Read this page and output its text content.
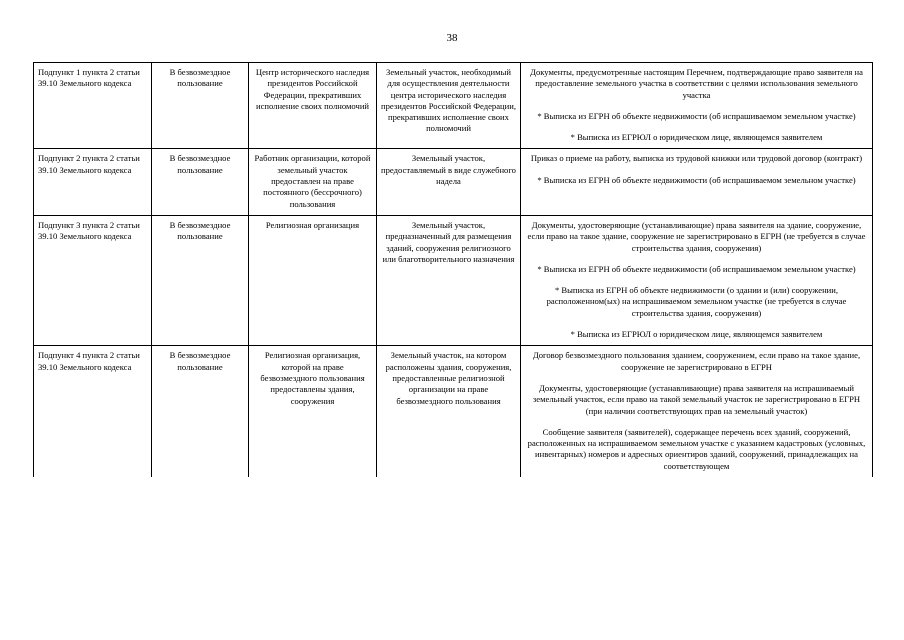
38
Подпункт 1 пункта 2 статьи 39.10 Земельного кодекса	В безвозмездное пользование	Центр исторического наследия президентов Российской Федерации, прекративших исполнение своих полномочий	Земельный участок, необходимый для осуществления деятельности центра исторического наследия президентов Российской Федерации, прекративших исполнение своих полномочий	Документы, предусмотренные настоящим Перечнем, подтверждающие право заявителя на предоставление земельного участка в соответствии с целями использования земельного участка
* Выписка из ЕГРН об объекте недвижимости (об испрашиваемом земельном участке)
* Выписка из ЕГРЮЛ о юридическом лице, являющемся заявителем

Подпункт 2 пункта 2 статьи 39.10 Земельного кодекса	В безвозмездное пользование	Работник организации, которой земельный участок предоставлен на праве постоянного (бессрочного) пользования	Земельный участок, предоставляемый в виде служебного надела	Приказ о приеме на работу, выписка из трудовой книжки или трудовой договор (контракт)
* Выписка из ЕГРН об объекте недвижимости (об испрашиваемом земельном участке)

Подпункт 3 пункта 2 статьи 39.10 Земельного кодекса	В безвозмездное пользование	Религиозная организация	Земельный участок, предназначенный для размещения зданий, сооружения религиозного или благотворительного назначения	Документы, удостоверяющие (устанавливающие) права заявителя на здание, сооружение, если право на такое здание, сооружение не зарегистрировано в ЕГРН (не требуется в случае строительства здания, сооружения)
* Выписка из ЕГРН об объекте недвижимости (об испрашиваемом земельном участке)
* Выписка из ЕГРН об объекте недвижимости (о здании и (или) сооружении, расположенном(ых) на испрашиваемом земельном участке (не требуется в случае строительства здания, сооружения)
* Выписка из ЕГРЮЛ о юридическом лице, являющемся заявителем

Подпункт 4 пункта 2 статьи 39.10 Земельного кодекса	В безвозмездное пользование	Религиозная организация, которой на праве безвозмездного пользования предоставлены здания, сооружения	Земельный участок, на котором расположены здания, сооружения, предоставленные религиозной организации на праве безвозмездного пользования	Договор безвозмездного пользования зданием, сооружением, если право на такое здание, сооружение не зарегистрировано в ЕГРН
Документы, удостоверяющие (устанавливающие) права заявителя на испрашиваемый земельный участок, если право на такой земельный участок не зарегистрировано в ЕГРН (при наличии соответствующих прав на земельный участок)
Сообщение заявителя (заявителей), содержащее перечень всех зданий, сооружений, расположенных на испрашиваемом земельном участке с указанием кадастровых (условных, инвентарных) номеров и адресных ориентиров зданий, сооружений, принадлежащих на соответствующем
